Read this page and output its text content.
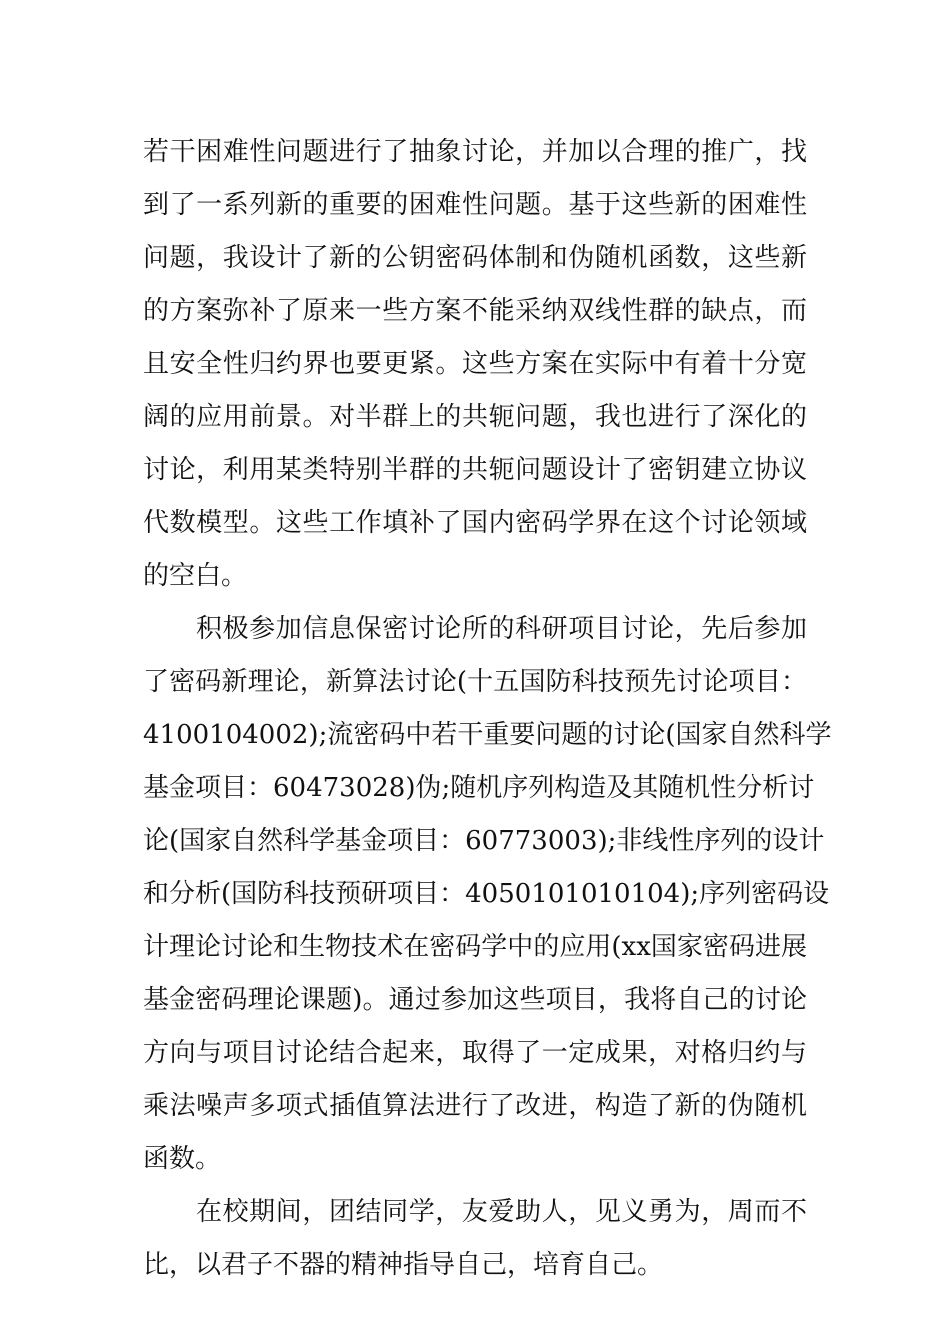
若干困难性问题进行了抽象讨论，并加以合理的推广，找
到了一系列新的重要的困难性问题。基于这些新的困难性
问题，我设计了新的公钥密码体制和伪随机函数，这些新
的方案弥补了原来一些方案不能采纳双线性群的缺点，而
且安全性归约界也要更紧。这些方案在实际中有着十分宽
阔的应用前景。对半群上的共轭问题，我也进行了深化的
讨论，利用某类特别半群的共轭问题设计了密钥建立协议
代数模型。这些工作填补了国内密码学界在这个讨论领域
的空白。
积极参加信息保密讨论所的科研项目讨论，先后参加
了密码新理论，新算法讨论(十五国防科技预先讨论项目：
4100104002);流密码中若干重要问题的讨论(国家自然科学
基金项目：60473028)伪;随机序列构造及其随机性分析讨
论(国家自然科学基金项目：60773003);非线性序列的设计
和分析(国防科技预研项目：4050101010104);序列密码设
计理论讨论和生物技术在密码学中的应用(xx国家密码进展
基金密码理论课题)。通过参加这些项目，我将自己的讨论
方向与项目讨论结合起来，取得了一定成果，对格归约与
乘法噪声多项式插值算法进行了改进，构造了新的伪随机
函数。
在校期间，团结同学，友爱助人，见义勇为，周而不
比，以君子不器的精神指导自己，培育自己。
